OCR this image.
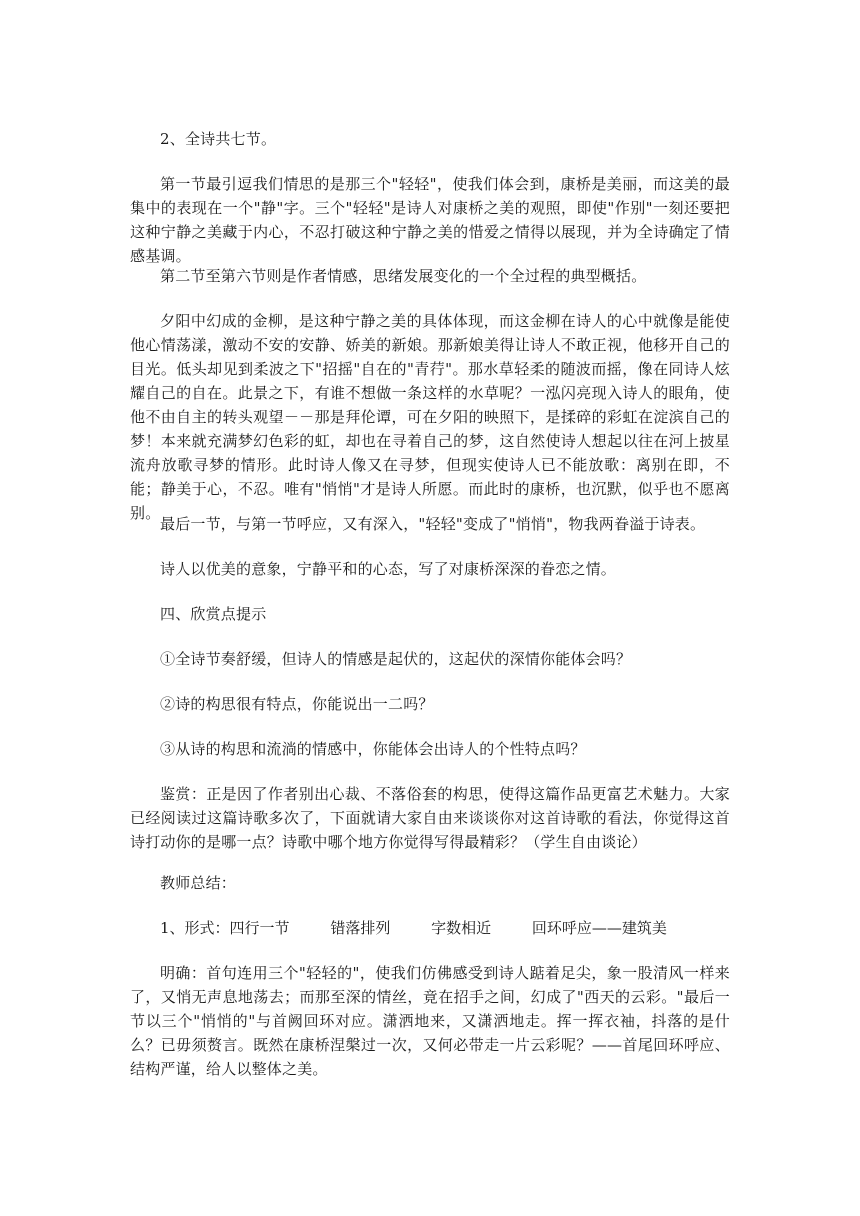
2、全诗共七节。

第一节最引逗我们情思的是那三个"轻轻"，使我们体会到，康桥是美丽，而这美的最集中的表现在一个"静"字。三个"轻轻"是诗人对康桥之美的观照，即使"作别"一刻还要把这种宁静之美藏于内心，不忍打破这种宁静之美的惜爱之情得以展现，并为全诗确定了情感基调。

第二节至第六节则是作者情感，思绪发展变化的一个全过程的典型概括。

夕阳中幻成的金柳，是这种宁静之美的具体体现，而这金柳在诗人的心中就像是能使他心情荡漾，激动不安的安静、娇美的新娘。那新娘美得让诗人不敢正视，他移开自己的目光。低头却见到柔波之下"招摇"自在的"青荇"。那水草轻柔的随波而摇，像在同诗人炫耀自己的自在。此景之下，有谁不想做一条这样的水草呢？一泓闪亮现入诗人的眼角，使他不由自主的转头观望－－那是拜伦谭，可在夕阳的映照下，是揉碎的彩虹在淀滨自己的梦！本来就充满梦幻色彩的虹，却也在寻着自己的梦，这自然使诗人想起以往在河上披星流舟放歌寻梦的情形。此时诗人像又在寻梦，但现实使诗人已不能放歌：离别在即，不能；静美于心，不忍。唯有"悄悄"才是诗人所愿。而此时的康桥，也沉默，似乎也不愿离别。

最后一节，与第一节呼应，又有深入，"轻轻"变成了"悄悄"，物我两眷溢于诗表。

诗人以优美的意象，宁静平和的心态，写了对康桥深深的眷恋之情。

四、欣赏点提示

①全诗节奏舒缓，但诗人的情感是起伏的，这起伏的深情你能体会吗？

②诗的构思很有特点，你能说出一二吗？

③从诗的构思和流淌的情感中，你能体会出诗人的个性特点吗？

鉴赏：正是因了作者别出心裁、不落俗套的构思，使得这篇作品更富艺术魅力。大家已经阅读过这篇诗歌多次了，下面就请大家自由来谈谈你对这首诗歌的看法，你觉得这首诗打动你的是哪一点？诗歌中哪个地方你觉得写得最精彩？（学生自由谈论）

教师总结：

1、形式：四行一节	错落排列	字数相近	回环呼应——建筑美

明确：首句连用三个"轻轻的"，使我们仿佛感受到诗人踮着足尖，象一股清风一样来了，又悄无声息地荡去；而那至深的情丝，竟在招手之间，幻成了"西天的云彩。"最后一节以三个"悄悄的"与首阙回环对应。潇洒地来，又潇洒地走。挥一挥衣袖，抖落的是什么？已毋须赘言。既然在康桥涅槃过一次，又何必带走一片云彩呢？——首尾回环呼应、结构严谨，给人以整体之美。
